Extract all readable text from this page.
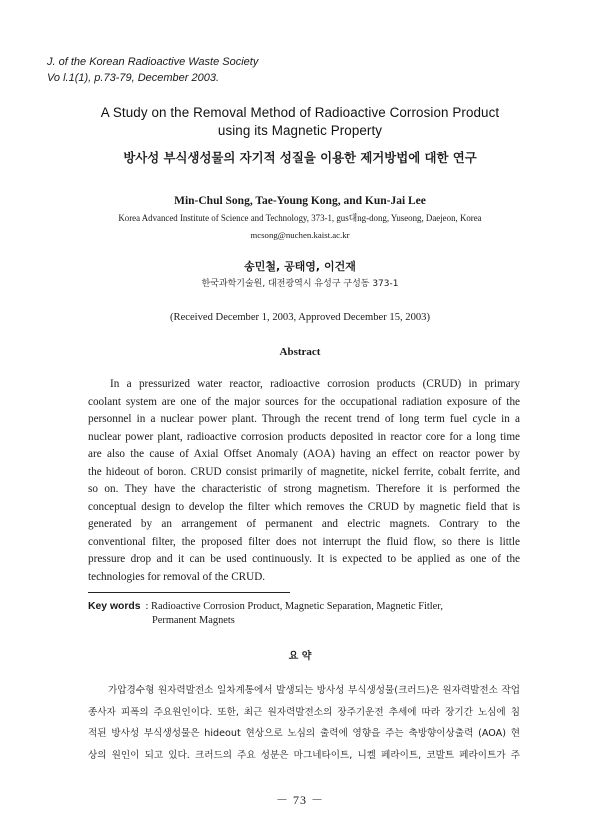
J. of the Korean Radioactive Waste Society
Vo l.1(1), p.73-79, December 2003.
A Study on the Removal Method of Radioactive Corrosion Product
using its Magnetic Property
방사성 부식생성물의 자기적 성질을 이용한 제거방법에 대한 연구
Min-Chul Song, Tae-Young Kong, and Kun-Jai Lee
Korea Advanced Institute of Science and Technology, 373-1, gus대ng-dong, Yuseong, Daejeon, Korea
mcsong@nuchen.kaist.ac.kr
송민철, 공태영, 이건재
한국과학기술원, 대전광역시 유성구 구성동 373-1
(Received December 1, 2003, Approved December 15, 2003)
Abstract
In a pressurized water reactor, radioactive corrosion products (CRUD) in primary
coolant system are one of the major sources for the occupational radiation exposure of the
personnel in a nuclear power plant. Through the recent trend of long term fuel cycle in a
nuclear power plant, radioactive corrosion products deposited in reactor core for a long time
are also the cause of Axial Offset Anomaly (AOA) having an effect on reactor power by
the hideout of boron. CRUD consist primarily of magnetite, nickel ferrite, cobalt ferrite, and
so on. They have the characteristic of strong magnetism. Therefore it is performed the
conceptual design to develop the filter which removes the CRUD by magnetic field that is
generated by an arrangement of permanent and electric magnets. Contrary to the
conventional filter, the proposed filter does not interrupt the fluid flow, so there is little
pressure drop and it can be used continuously. It is expected to be applied as one of the
technologies for removal of the CRUD.
Key words : Radioactive Corrosion Product, Magnetic Separation, Magnetic Fitler,
Permanent Magnets
요 약
가압경수형 원자력발전소 일차계통에서 발생되는 방사성 부식생성물(크러드)은 원자력발전소 작업
종사자 피폭의 주요원인이다. 또한, 최근 원자력발전소의 장주기운전 추세에 따라 장기간 노심에 침
적된 방사성 부식생성물은 hideout 현상으로 노심의 출력에 영향을 주는 축방향이상출력 (AOA) 현
상의 원인이 되고 있다. 크러드의 주요 성분은 마그네타이트, 니켈 페라이트, 코발트 페라이트가 주
－ 73 －
